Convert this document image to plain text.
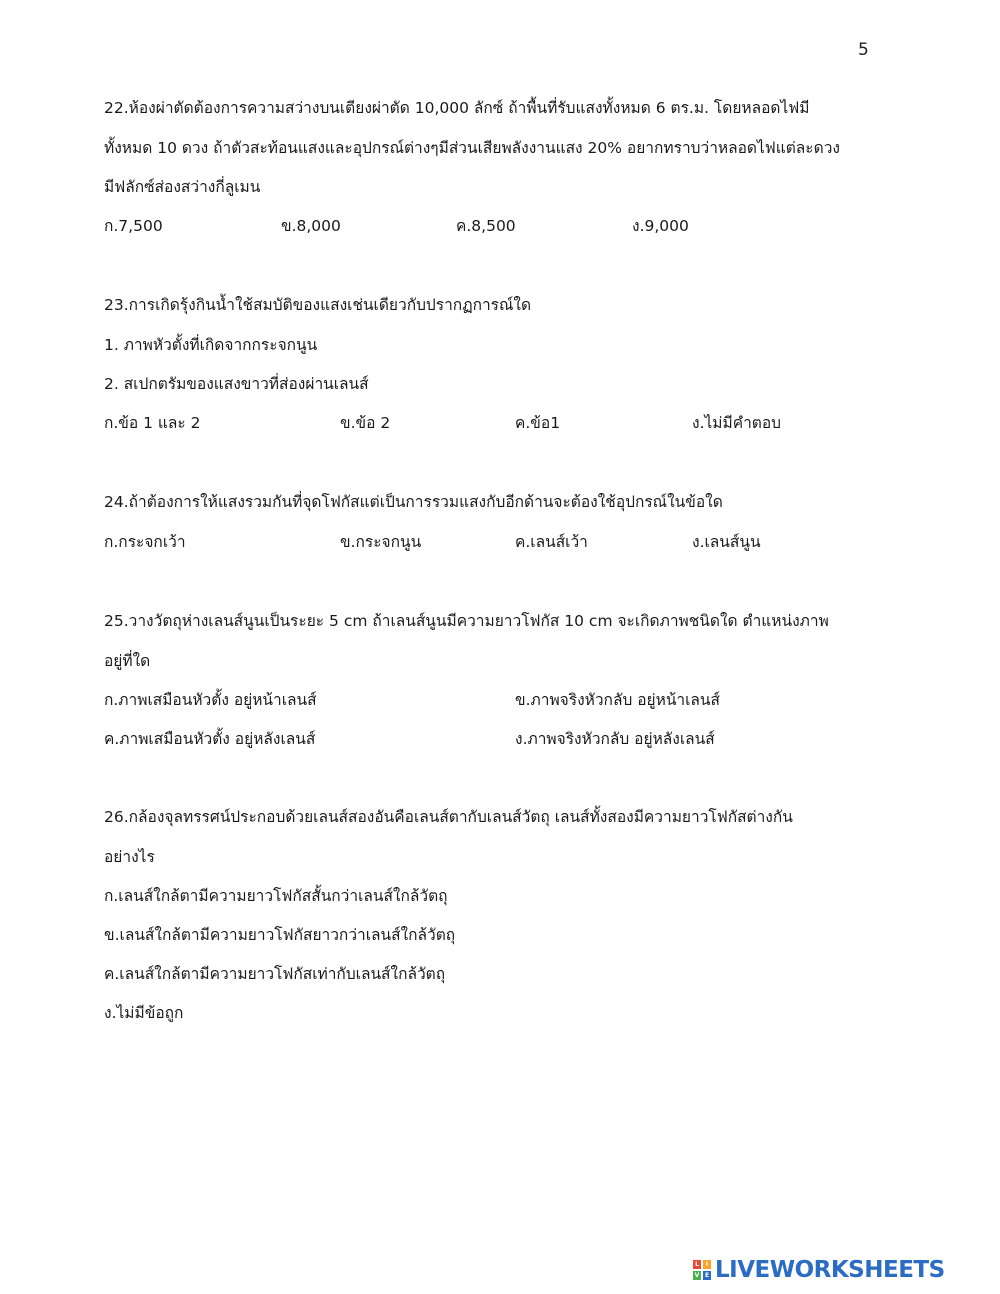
5
22.ห้องผ่าตัดต้องการความสว่างบนเตียงผ่าตัด 10,000 ลักซ์ ถ้าพื้นที่รับแสงทั้งหมด 6 ตร.ม. โดยหลอดไฟมี
ทั้งหมด 10 ดวง ถ้าตัวสะท้อนแสงและอุปกรณ์ต่างๆมีส่วนเสียพลังงานแสง 20% อยากทราบว่าหลอดไฟแต่ละดวง
มีฟลักซ์ส่องสว่างกี่ลูเมน
ก.7,500	ข.8,000	ค.8,500	ง.9,000
23.การเกิดรุ้งกินน้ำใช้สมบัติของแสงเช่นเดียวกับปรากฏการณ์ใด
1. ภาพหัวตั้งที่เกิดจากกระจกนูน
2. สเปกตรัมของแสงขาวที่ส่องผ่านเลนส์
ก.ข้อ 1 และ 2	ข.ข้อ 2	ค.ข้อ1	ง.ไม่มีคำตอบ
24.ถ้าต้องการให้แสงรวมกันที่จุดโฟกัสแต่เป็นการรวมแสงกับอีกด้านจะต้องใช้อุปกรณ์ในข้อใด
ก.กระจกเว้า	ข.กระจกนูน	ค.เลนส์เว้า	ง.เลนส์นูน
25.วางวัตถุห่างเลนส์นูนเป็นระยะ 5 cm ถ้าเลนส์นูนมีความยาวโฟกัส 10 cm จะเกิดภาพชนิดใด ตำแหน่งภาพ
อยู่ที่ใด
ก.ภาพเสมือนหัวตั้ง อยู่หน้าเลนส์	ข.ภาพจริงหัวกลับ อยู่หน้าเลนส์
ค.ภาพเสมือนหัวตั้ง อยู่หลังเลนส์	ง.ภาพจริงหัวกลับ อยู่หลังเลนส์
26.กล้องจุลทรรศน์ประกอบด้วยเลนส์สองอันคือเลนส์ตากับเลนส์วัตถุ เลนส์ทั้งสองมีความยาวโฟกัสต่างกัน
อย่างไร
ก.เลนส์ใกล้ตามีความยาวโฟกัสสั้นกว่าเลนส์ใกล้วัตถุ
ข.เลนส์ใกล้ตามีความยาวโฟกัสยาวกว่าเลนส์ใกล้วัตถุ
ค.เลนส์ใกล้ตามีความยาวโฟกัสเท่ากับเลนส์ใกล้วัตถุ
ง.ไม่มีข้อถูก
L	I
V E LIVEWORKSHEETS
